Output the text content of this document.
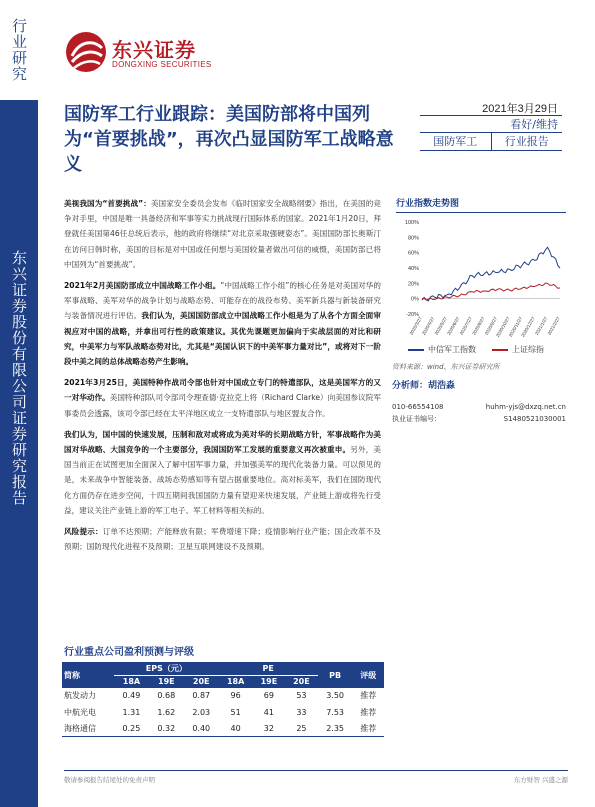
行业研究
东兴证券股份有限公司证券研究报告
东兴证券
DONGXING SECURITIES
国防军工行业跟踪：美国防部将中国列为“首要挑战”，再次凸显国防军工战略意义
2021年3月29日
看好/维持
国防军工	行业报告

美视我国为“首要挑战”：美国家安全委员会发布《临时国家安全战略纲要》指出，在美国的竞争对手里，中国是唯一具备经济和军事等实力挑战现行国际体系的国家。2021年1月20日，拜登就任美国第46任总统后表示，他的政府将继续“对北京采取强硬姿态”。美国国防部长奥斯汀在访问日韩时称，美国的目标是对中国或任何想与美国较量者做出可信的威慑，美国防部已将中国列为“首要挑战”。

2021年2月美国防部成立中国战略工作小组。“中国战略工作小组”的核心任务是对美国对华的军事战略、美军对华的战争计划与战略态势、可能存在的战役布势、美军新兵器与新装备研究与装备情况进行评估。我们认为，美国国防部成立中国战略工作小组是为了从各个方面全面审视应对中国的战略，并拿出可行性的政策建议。其优先课题更加偏向于实战层面的对比和研究，中美军力与军队战略态势对比，尤其是“美国认识下的中美军事力量对比”，或将对下一阶段中美之间的总体战略态势产生影响。

2021年3月25日，美国特种作战司令部也针对中国成立专门的特遣部队，这是美国军方的又一对华动作。美国特种部队司令部司令理查德·克拉克上将（Richard Clarke）向美国参议院军事委员会透露，该司令部已经在太平洋地区成立一支特遣部队与地区盟友合作。

我们认为，国中国的快速发展，压制和敌对或将成为美对华的长期战略方针，军事战略作为美国对华战略、大国竞争的一个主要部分，我国国防军工发展的重要意义再次被重申。另外，美国当前正在试图更加全面深入了解中国军事力量，并加强美军的现代化装备力量。可以预见的是，未来战争中智能装备、战场态势感知等有望占据重要地位。高对标美军，我们在国防现代化方面仍存在进步空间，十四五期间我国国防力量有望迎来快速发展，产业链上游或将先行受益，建议关注产业链上游的军工电子、军工材料等相关标的。

风险提示：订单不达预期；产能释放有限；军费增速下降；疫情影响行业产能；国企改革不及预期；国防现代化进程不及预期；卫星互联网建设不及预期。

行业指数走势图
100%
80%
60%
40%
20%
0%
-20%
2020/3/27
2020/4/27
2020/5/27
2020/6/27
2020/7/27
2020/8/27
2020/9/27
2020/10/27
2020/11/27
2020/12/27
2021/1/27
2021/2/27
中信军工指数	上证综指
资料来源：wind、东兴证券研究所
分析师：胡浩淼
010-66554108	huhm-yjs@dxzq.net.cn
执业证书编号：	S1480521030001
行业重点公司盈利预测与评级
简称	EPS（元）			PE			PB	评级
	18A	19E	20E	18A	19E	20E		
航发动力	0.49	0.68	0.87	96	69	53	3.50	推荐
中航光电	1.31	1.62	2.03	51	41	33	7.53	推荐
海格通信	0.25	0.32	0.40	40	32	25	2.35	推荐
敬请参阅报告结尾处的免责声明	东方财智 兴盛之源
